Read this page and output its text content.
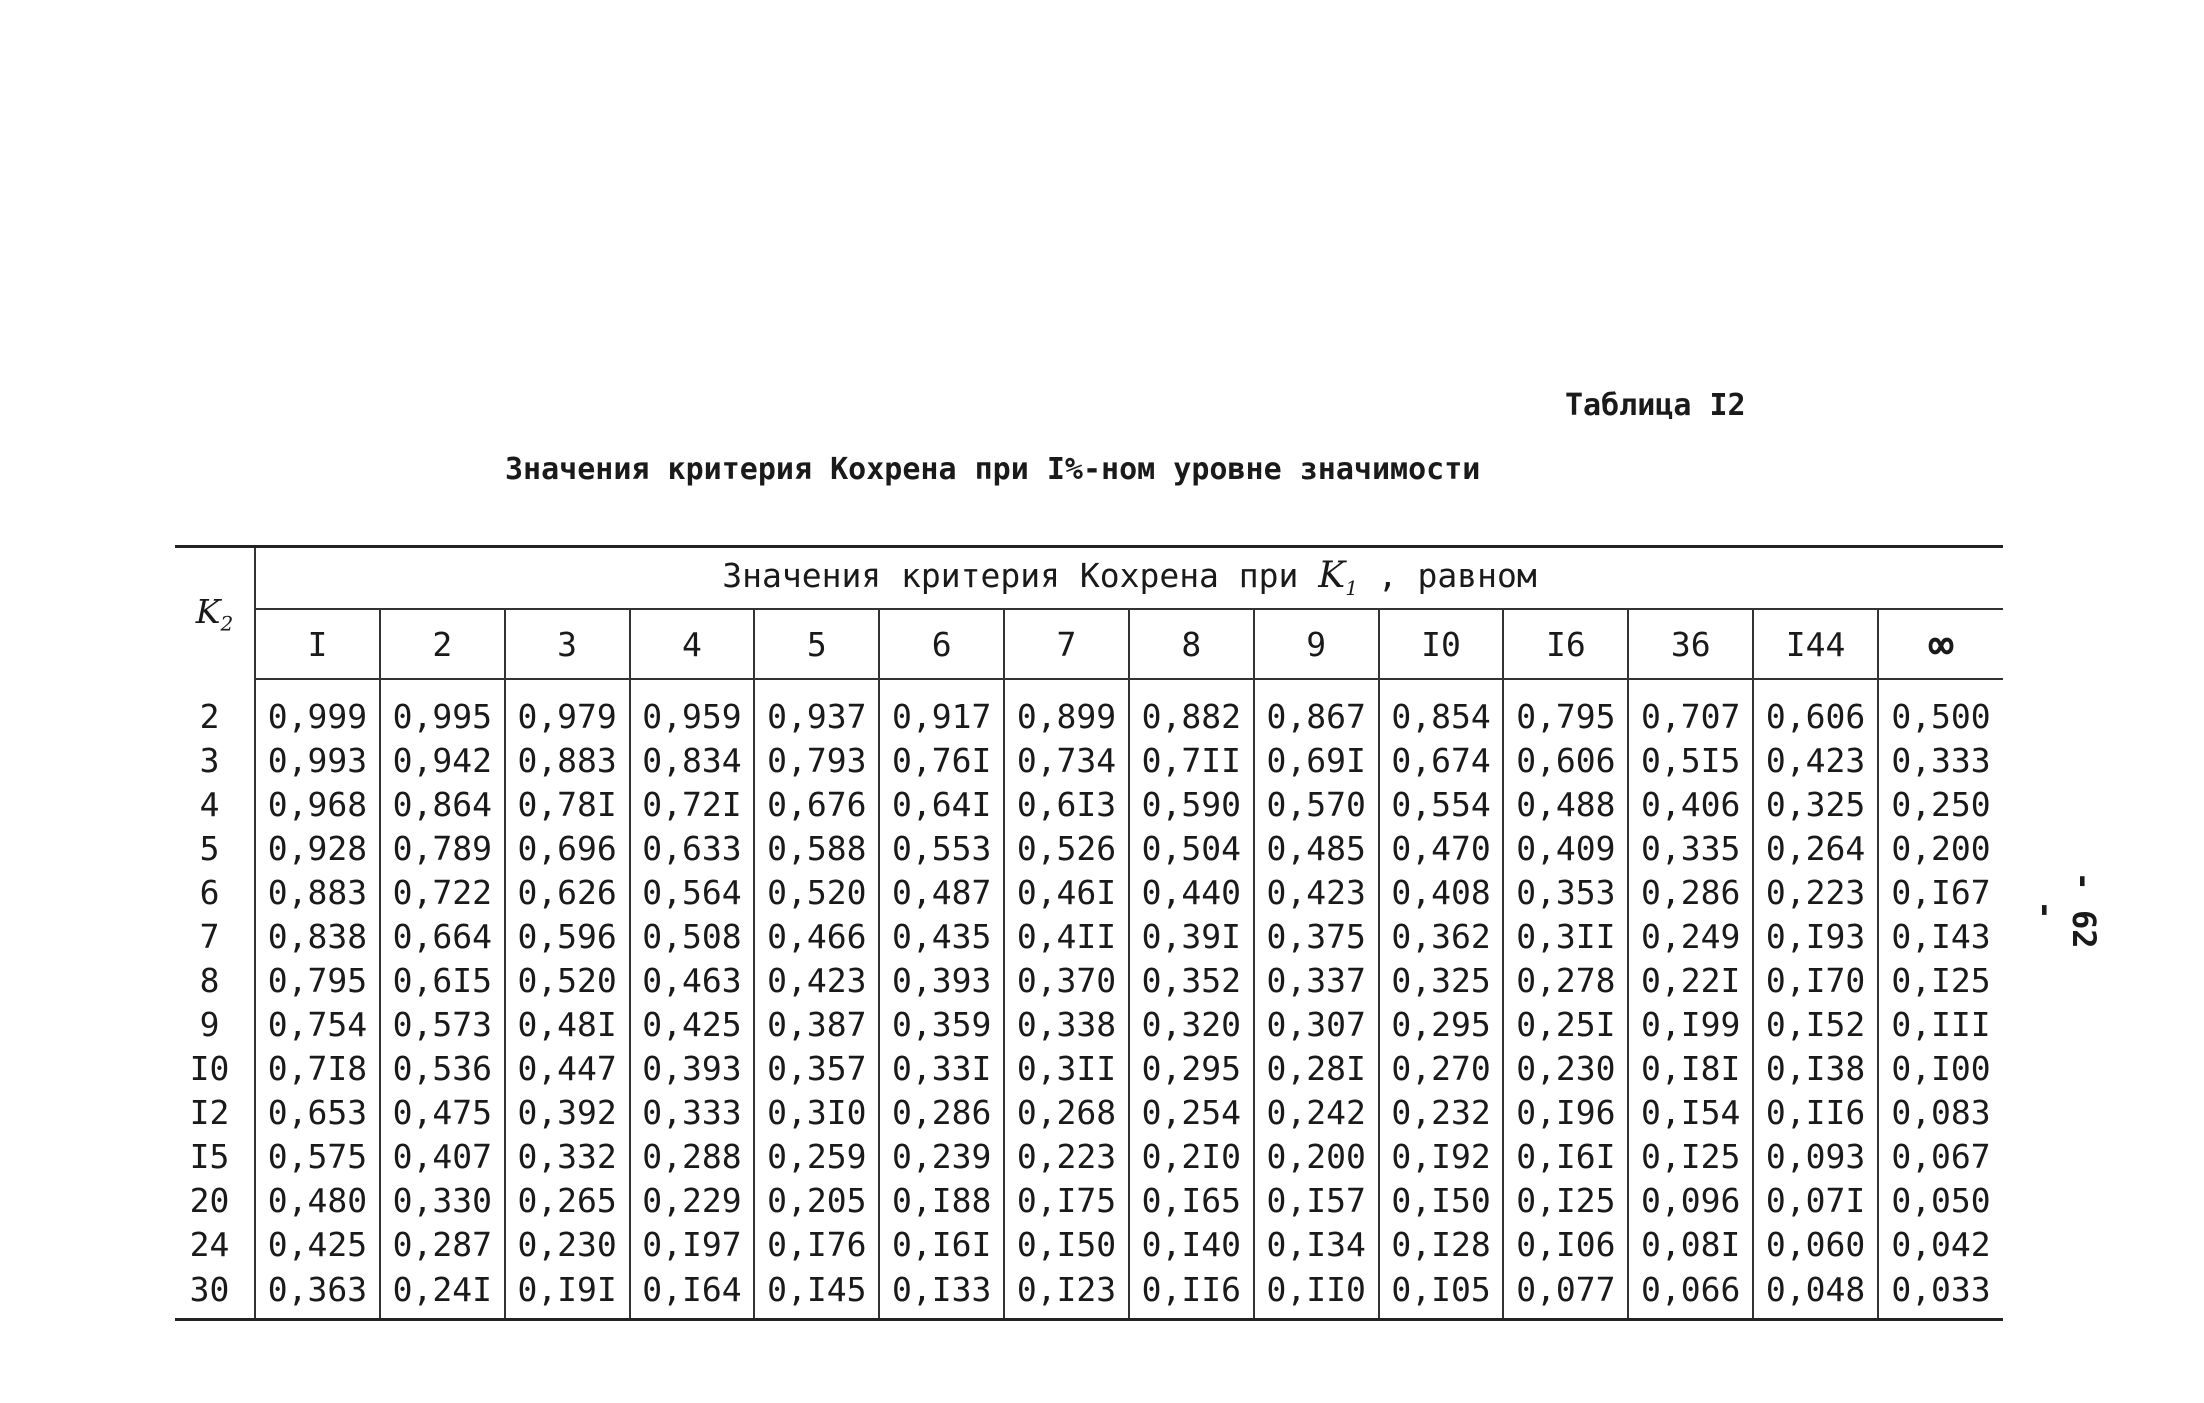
Таблица I2
Значения критерия Кохрена при I%-ном уровне значимости
- 62 -
$K_2$	Значения критерия Кохрена при $K_1$ , равном													
	I	2	3	4	5	6	7	8	9	I0	I6	36	I44	∞

2	0,999	0,995	0,979	0,959	0,937	0,917	0,899	0,882	0,867	0,854	0,795	0,707	0,606	0,500
3	0,993	0,942	0,883	0,834	0,793	0,76I	0,734	0,7II	0,69I	0,674	0,606	0,5I5	0,423	0,333
4	0,968	0,864	0,78I	0,72I	0,676	0,64I	0,6I3	0,590	0,570	0,554	0,488	0,406	0,325	0,250
5	0,928	0,789	0,696	0,633	0,588	0,553	0,526	0,504	0,485	0,470	0,409	0,335	0,264	0,200
6	0,883	0,722	0,626	0,564	0,520	0,487	0,46I	0,440	0,423	0,408	0,353	0,286	0,223	0,I67
7	0,838	0,664	0,596	0,508	0,466	0,435	0,4II	0,39I	0,375	0,362	0,3II	0,249	0,I93	0,I43
8	0,795	0,6I5	0,520	0,463	0,423	0,393	0,370	0,352	0,337	0,325	0,278	0,22I	0,I70	0,I25
9	0,754	0,573	0,48I	0,425	0,387	0,359	0,338	0,320	0,307	0,295	0,25I	0,I99	0,I52	0,III
I0	0,7I8	0,536	0,447	0,393	0,357	0,33I	0,3II	0,295	0,28I	0,270	0,230	0,I8I	0,I38	0,I00
I2	0,653	0,475	0,392	0,333	0,3I0	0,286	0,268	0,254	0,242	0,232	0,I96	0,I54	0,II6	0,083
I5	0,575	0,407	0,332	0,288	0,259	0,239	0,223	0,2I0	0,200	0,I92	0,I6I	0,I25	0,093	0,067
20	0,480	0,330	0,265	0,229	0,205	0,I88	0,I75	0,I65	0,I57	0,I50	0,I25	0,096	0,07I	0,050
24	0,425	0,287	0,230	0,I97	0,I76	0,I6I	0,I50	0,I40	0,I34	0,I28	0,I06	0,08I	0,060	0,042
30	0,363	0,24I	0,I9I	0,I64	0,I45	0,I33	0,I23	0,II6	0,II0	0,I05	0,077	0,066	0,048	0,033
